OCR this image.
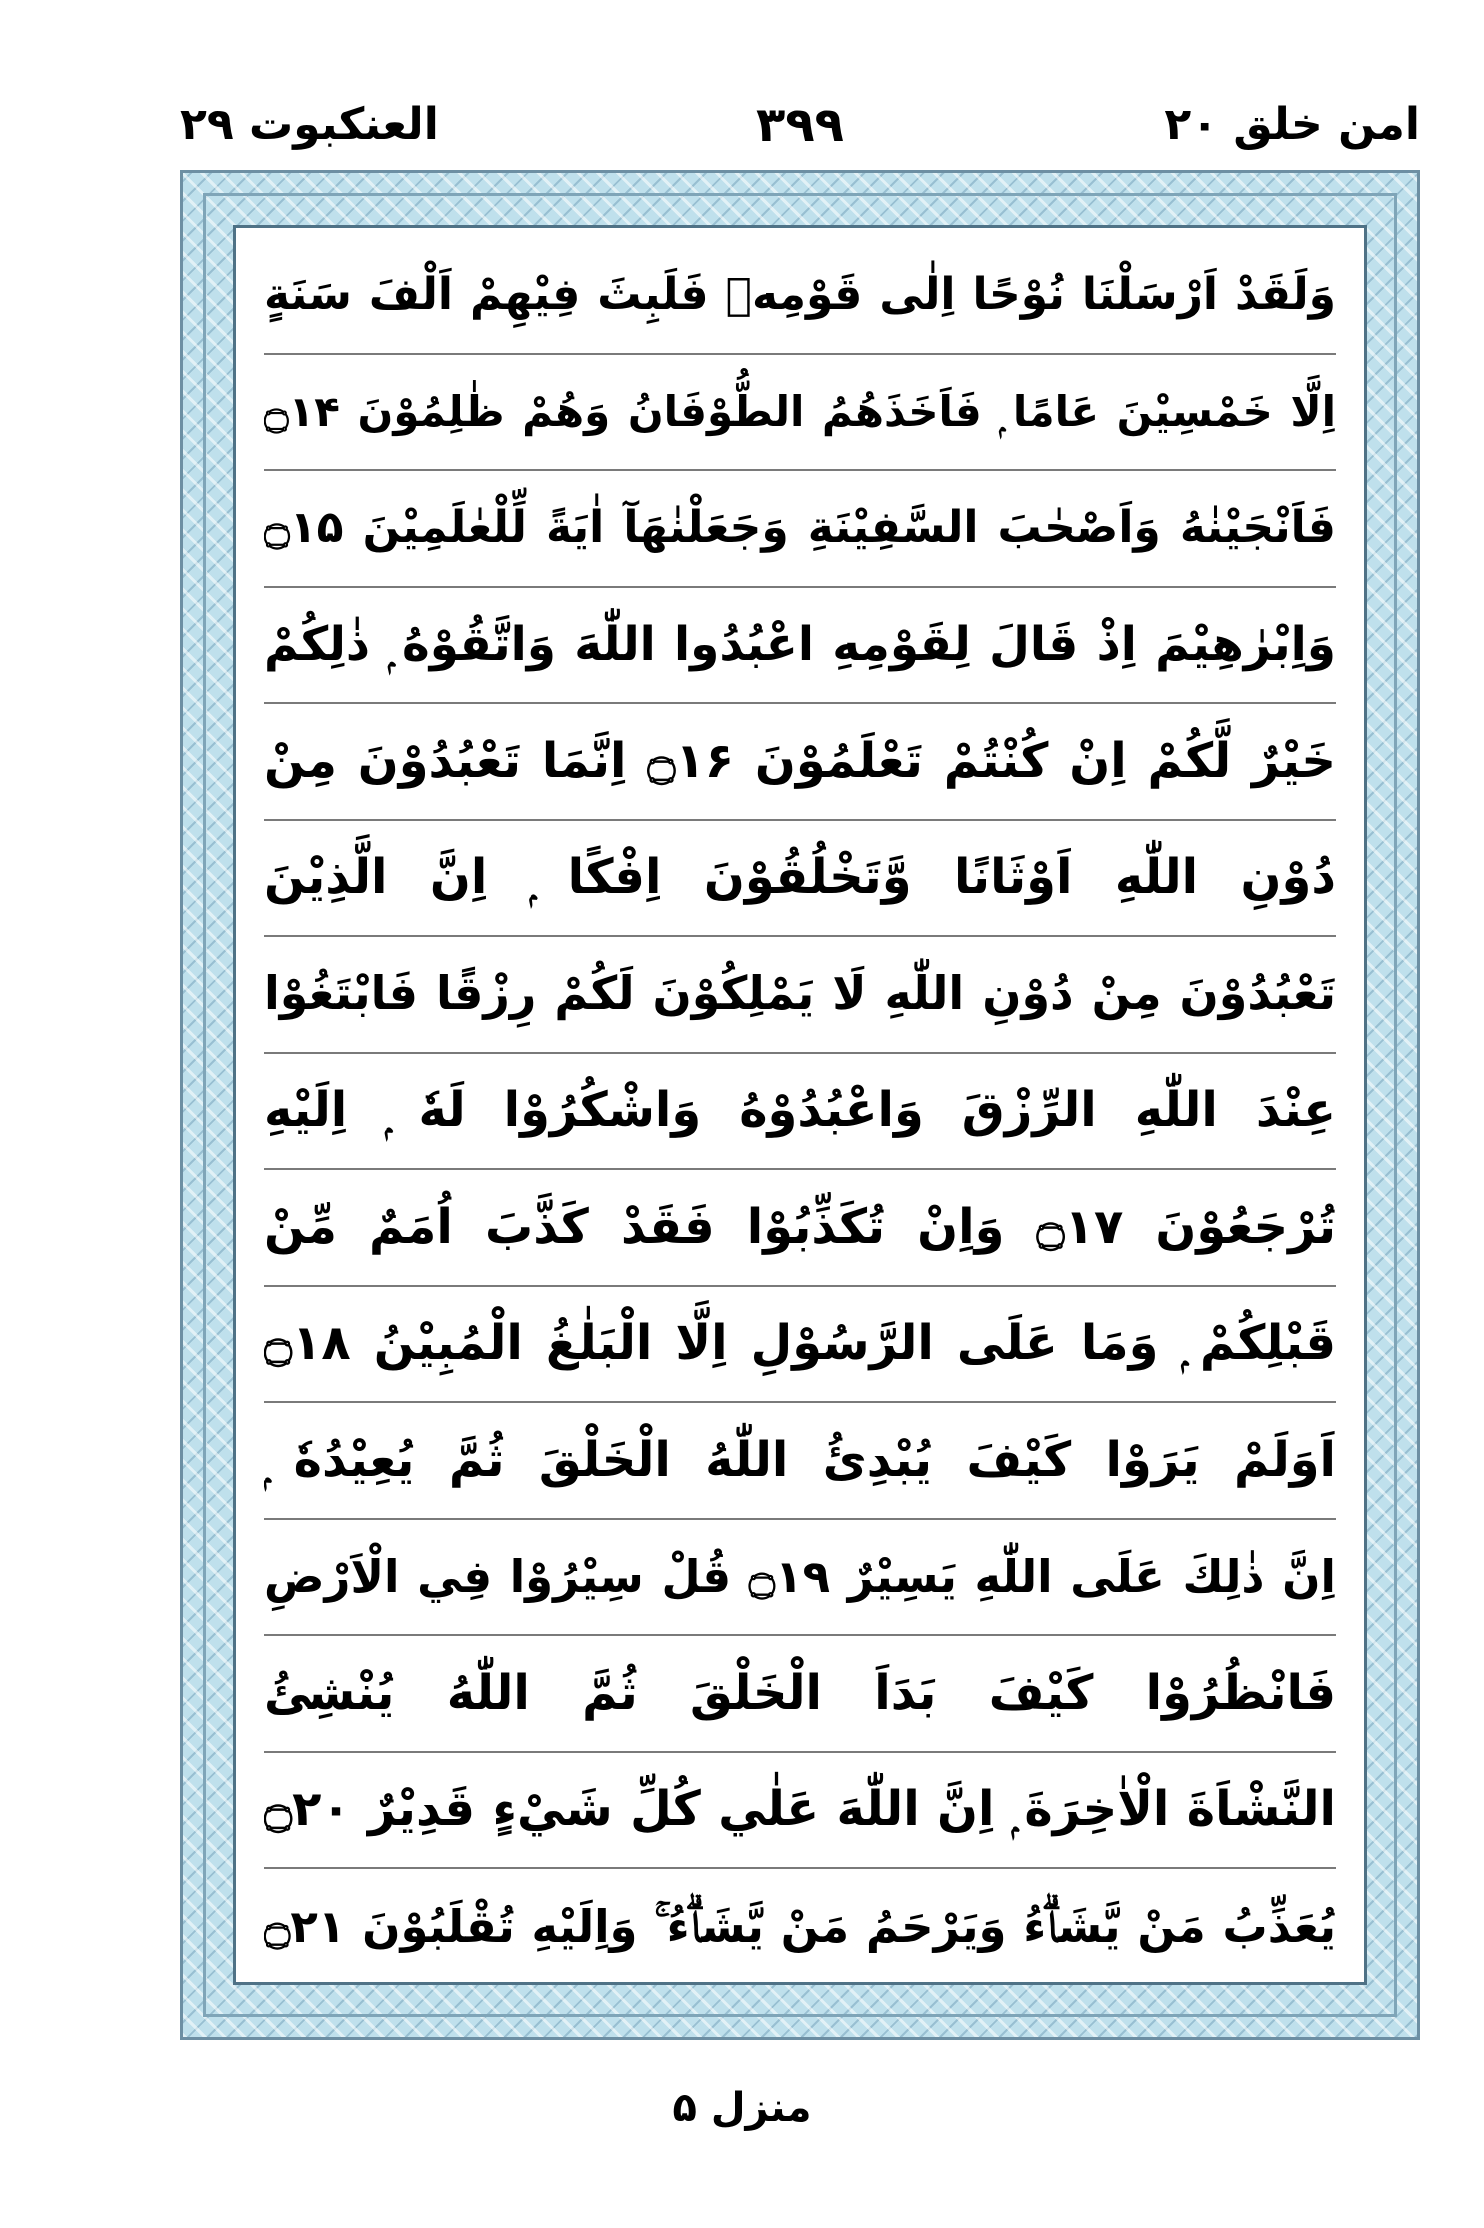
امن خلق ۲۰
۳۹۹
العنکبوت ۲۹
وَلَقَدْ اَرْسَلْنَا نُوْحًا اِلٰى قَوْمِهٖ فَلَبِثَ فِيْهِمْ اَلْفَ سَنَةٍ
اِلَّا خَمْسِيْنَ عَامًا ۭ فَاَخَذَهُمُ الطُّوْفَانُ وَهُمْ ظٰلِمُوْنَ ۝۱۴
فَاَنْجَيْنٰهُ وَاَصْحٰبَ السَّفِيْنَةِ وَجَعَلْنٰهَآ اٰيَةً لِّلْعٰلَمِيْنَ ۝۱۵
وَاِبْرٰهِيْمَ اِذْ قَالَ لِقَوْمِهِ اعْبُدُوا اللّٰهَ وَاتَّقُوْهُ ۭ ذٰلِكُمْ
خَيْرٌ لَّكُمْ اِنْ كُنْتُمْ تَعْلَمُوْنَ ۝۱۶ اِنَّمَا تَعْبُدُوْنَ مِنْ
دُوْنِ اللّٰهِ اَوْثَانًا وَّتَخْلُقُوْنَ اِفْكًا ۭ اِنَّ الَّذِيْنَ
تَعْبُدُوْنَ مِنْ دُوْنِ اللّٰهِ لَا يَمْلِكُوْنَ لَكُمْ رِزْقًا فَابْتَغُوْا
عِنْدَ اللّٰهِ الرِّزْقَ وَاعْبُدُوْهُ وَاشْكُرُوْا لَهٗ ۭ اِلَيْهِ
تُرْجَعُوْنَ ۝۱۷ وَاِنْ تُكَذِّبُوْا فَقَدْ كَذَّبَ اُمَمٌ مِّنْ
قَبْلِكُمْ ۭ وَمَا عَلَى الرَّسُوْلِ اِلَّا الْبَلٰغُ الْمُبِيْنُ ۝۱۸
اَوَلَمْ يَرَوْا كَيْفَ يُبْدِئُ اللّٰهُ الْخَلْقَ ثُمَّ يُعِيْدُهٗ ۭ
اِنَّ ذٰلِكَ عَلَى اللّٰهِ يَسِيْرٌ ۝۱۹ قُلْ سِيْرُوْا فِي الْاَرْضِ
فَانْظُرُوْا كَيْفَ بَدَاَ الْخَلْقَ ثُمَّ اللّٰهُ يُنْشِئُ
النَّشْاَةَ الْاٰخِرَةَ ۭ اِنَّ اللّٰهَ عَلٰي كُلِّ شَيْءٍ قَدِيْرٌ ۝۲۰
يُعَذِّبُ مَنْ يَّشَاۗءُ وَيَرْحَمُ مَنْ يَّشَاۗءُ ۚ وَاِلَيْهِ تُقْلَبُوْنَ ۝۲۱
منزل ۵
